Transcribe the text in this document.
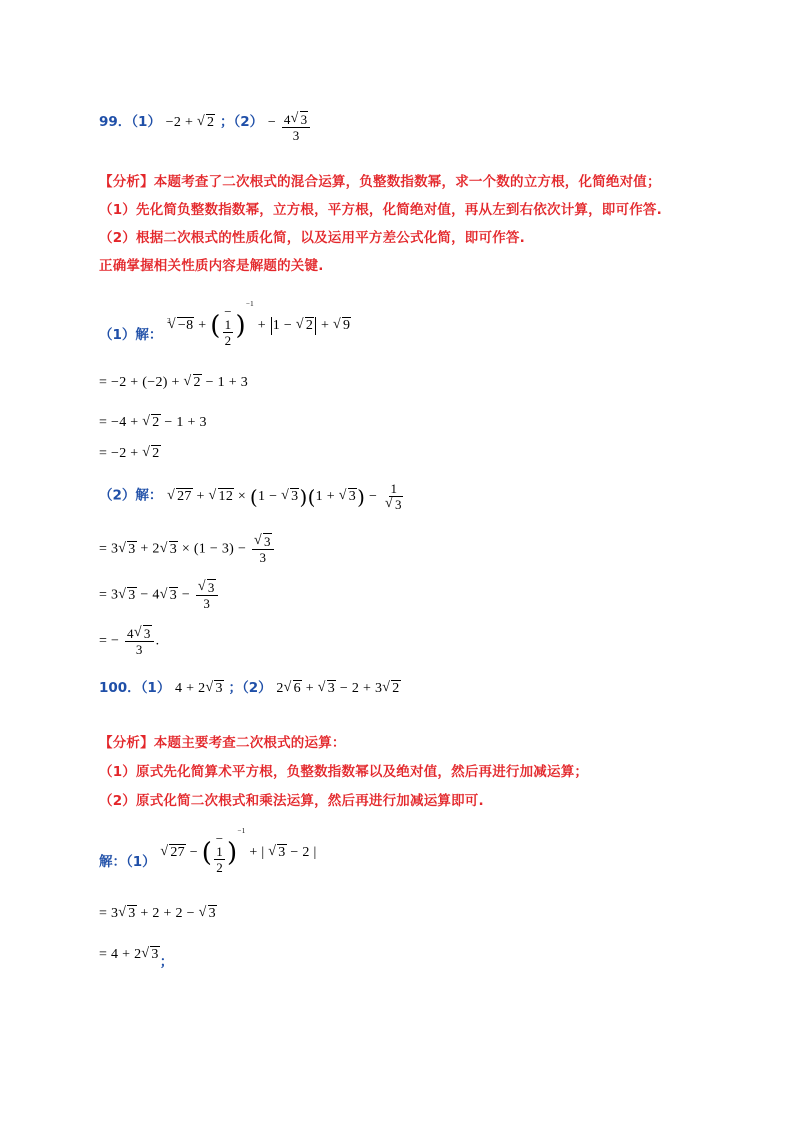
99．（1） −2 + √ 2 ；$(2) - \frac{4 √ 3}{3}$
【分析】本题考查了二次根式的混合运算，负整数指数幂，求一个数的立方根，化简绝对值；
（1）先化简负整数指数幂，立方根，平方根，化简绝对值，再从左到右依次计算，即可作答.
（2）根据二次根式的性质化简，以及运用平方差公式化简，即可作答.
正确掌握相关性质内容是解题的关键.
（1）解： $^3$ √ −8 + ( −
$\frac{1}{2} )^{-1} + 1$ − √ 2 + √ 9
= −2 + (−2) + √ 2 − 1 + 3
= −4 + √ 2 − 1 + 3
= −2 + √ 2
（2）解： √ 27 + √ 12 × (1 − √ 3)(1 + √ 3) − 1
√ 3
= 3 √ 3 + 2 √ 3 × (1 − 3) − √ $\frac{3}{3}$
= 3 √ 3 − 4 √ 3 − √ $\frac{3}{3}$
= − $\frac{4 √ 3}{3}$ .
100．（1） 4 + 2 √ 3 ；（2） 2 √ 6 + √ 3 − 2 + 3 √ 2
【分析】本题主要考查二次根式的运算：
（1）原式先化简算术平方根，负整数指数幂以及绝对值，然后再进行加减运算；
（2）原式化简二次根式和乘法运算，然后再进行加减运算即可.
解：（1） √ 27 − ( −
$\frac{1}{2} )^{-1}$ + | √ 3 − 2 |
= 3 √ 3 + 2 + 2 − √ 3
= 4 + 2 √ 3；
